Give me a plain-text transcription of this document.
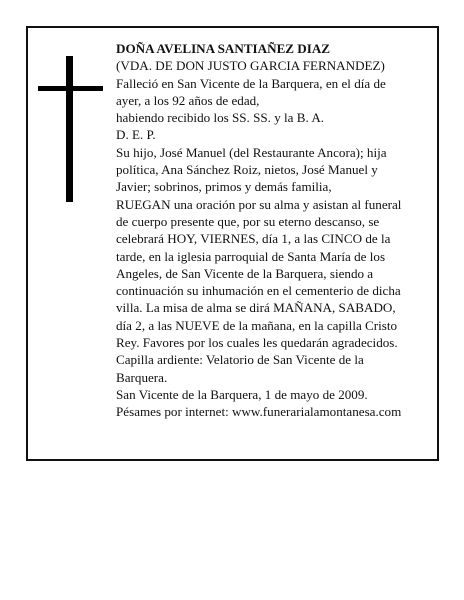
DOÑA AVELINA SANTIAÑEZ DIAZ
(VDA. DE DON JUSTO GARCIA FERNANDEZ)
Falleció en San Vicente de la Barquera, en el día de
ayer, a los 92 años de edad,
habiendo recibido los SS. SS. y la B. A.
D. E. P.
Su hijo, José Manuel (del Restaurante Ancora); hija
política, Ana Sánchez Roiz, nietos, José Manuel y
Javier; sobrinos, primos y demás familia,
RUEGAN una oración por su alma y asistan al funeral
de cuerpo presente que, por su eterno descanso, se
celebrará HOY, VIERNES, día 1, a las CINCO de la
tarde, en la iglesia parroquial de Santa María de los
Angeles, de San Vicente de la Barquera, siendo a
continuación su inhumación en el cementerio de dicha
villa. La misa de alma se dirá MAÑANA, SABADO,
día 2, a las NUEVE de la mañana, en la capilla Cristo
Rey. Favores por los cuales les quedarán agradecidos.
Capilla ardiente: Velatorio de San Vicente de la
Barquera.
San Vicente de la Barquera, 1 de mayo de 2009.
Pésames por internet: www.funerarialamontanesa.com
